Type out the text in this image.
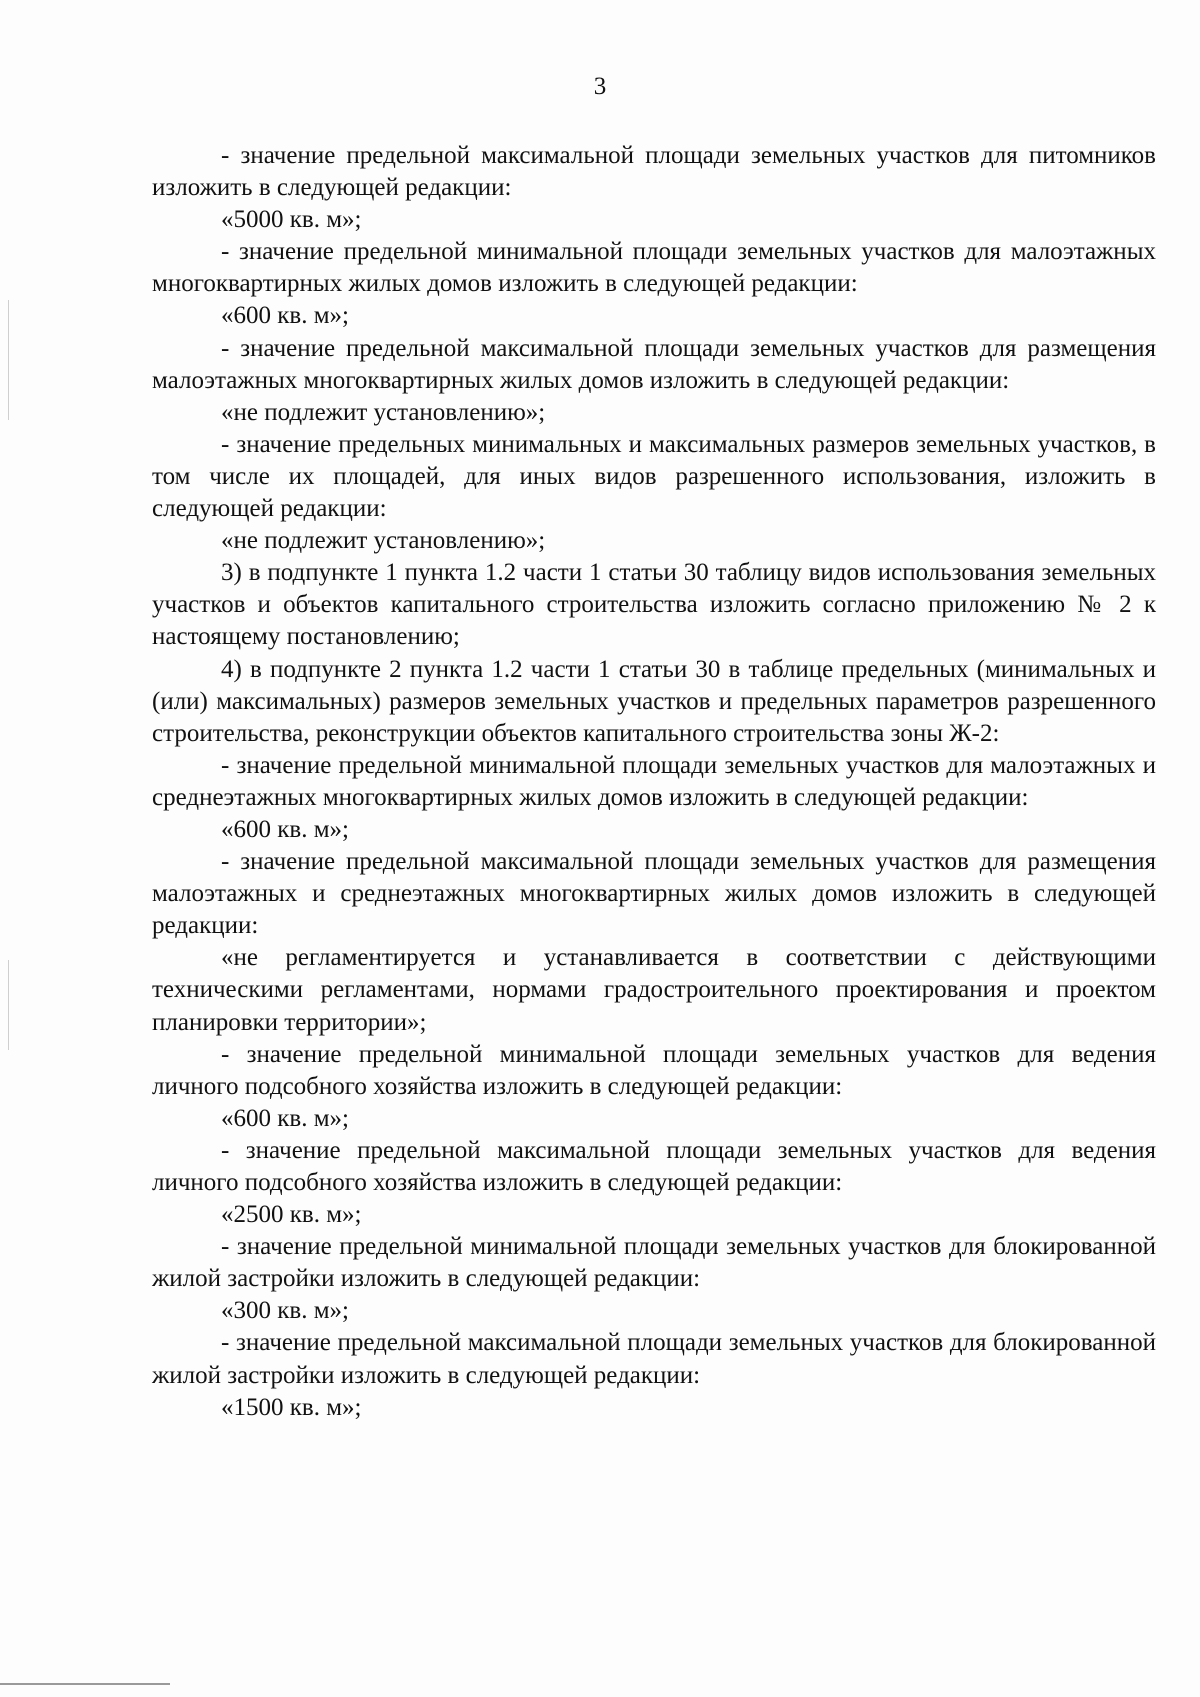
3

- значение предельной максимальной площади земельных участков для питомников изложить в следующей редакции:

«5000 кв. м»;

- значение предельной минимальной площади земельных участков для малоэтажных многоквартирных жилых домов изложить в следующей редакции:

«600 кв. м»;

- значение предельной максимальной площади земельных участков для размещения малоэтажных многоквартирных жилых домов изложить в следующей редакции:

«не подлежит установлению»;

- значение предельных минимальных и максимальных размеров земельных участков, в том числе их площадей, для иных видов разрешенного использования, изложить в следующей редакции:

«не подлежит установлению»;

3) в подпункте 1 пункта 1.2 части 1 статьи 30 таблицу видов использования земельных участков и объектов капитального строительства изложить согласно приложению № 2 к настоящему постановлению;

4) в подпункте 2 пункта 1.2 части 1 статьи 30 в таблице предельных (минимальных и (или) максимальных) размеров земельных участков и предельных параметров разрешенного строительства, реконструкции объектов капитального строительства зоны Ж-2:

- значение предельной минимальной площади земельных участков для малоэтажных и среднеэтажных многоквартирных жилых домов изложить в следующей редакции:

«600 кв. м»;

- значение предельной максимальной площади земельных участков для размещения малоэтажных и среднеэтажных многоквартирных жилых домов изложить в следующей редакции:

«не регламентируется и устанавливается в соответствии с действующими техническими регламентами, нормами градостроительного проектирования и проектом планировки территории»;

- значение предельной минимальной площади земельных участков для ведения личного подсобного хозяйства изложить в следующей редакции:

«600 кв. м»;

- значение предельной максимальной площади земельных участков для ведения личного подсобного хозяйства изложить в следующей редакции:

«2500 кв. м»;

- значение предельной минимальной площади земельных участков для блокированной жилой застройки изложить в следующей редакции:

«300 кв. м»;

- значение предельной максимальной площади земельных участков для блокированной жилой застройки изложить в следующей редакции:

«1500 кв. м»;
